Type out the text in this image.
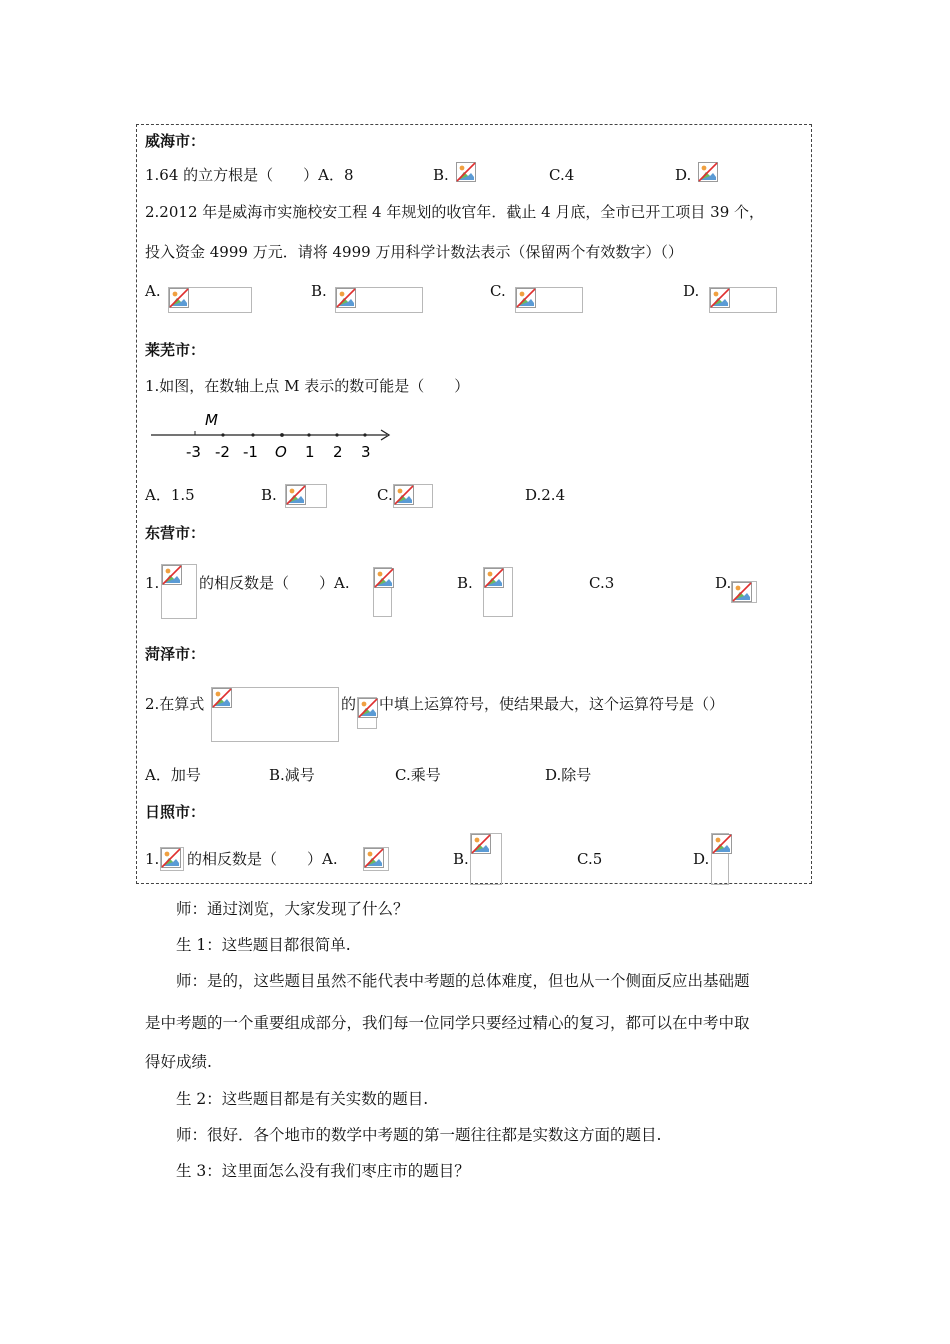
威海市：
1.64 的立方根是（　　）A．8	B.	C.4	D.
2.2012 年是威海市实施校安工程 4 年规划的收官年．截止 4 月底，全市已开工项目 39 个，
投入资金 4999 万元．请将 4999 万用科学计数法表示（保留两个有效数字）（）
A.	B.	C.	D.
莱芜市：
1.如图，在数轴上点 M 表示的数可能是（　　）
M
-3 -2 -1 O 1 2 3
A．1.5	B.	C.	D.2.4
东营市：
1.	的相反数是（　　）A.	B.	C.3	D.
菏泽市：
2.在算式	的 中填上运算符号，使结果最大，这个运算符号是（）
A．加号	B.减号	C.乘号	D.除号
日照市：
1. 的相反数是（　　）A.	B.	C.5	D.
师：通过浏览，大家发现了什么？
生 1：这些题目都很简单.
师：是的，这些题目虽然不能代表中考题的总体难度，但也从一个侧面反应出基础题
是中考题的一个重要组成部分，我们每一位同学只要经过精心的复习，都可以在中考中取
得好成绩.
生 2：这些题目都是有关实数的题目.
师：很好．各个地市的数学中考题的第一题往往都是实数这方面的题目.
生 3：这里面怎么没有我们枣庄市的题目？
